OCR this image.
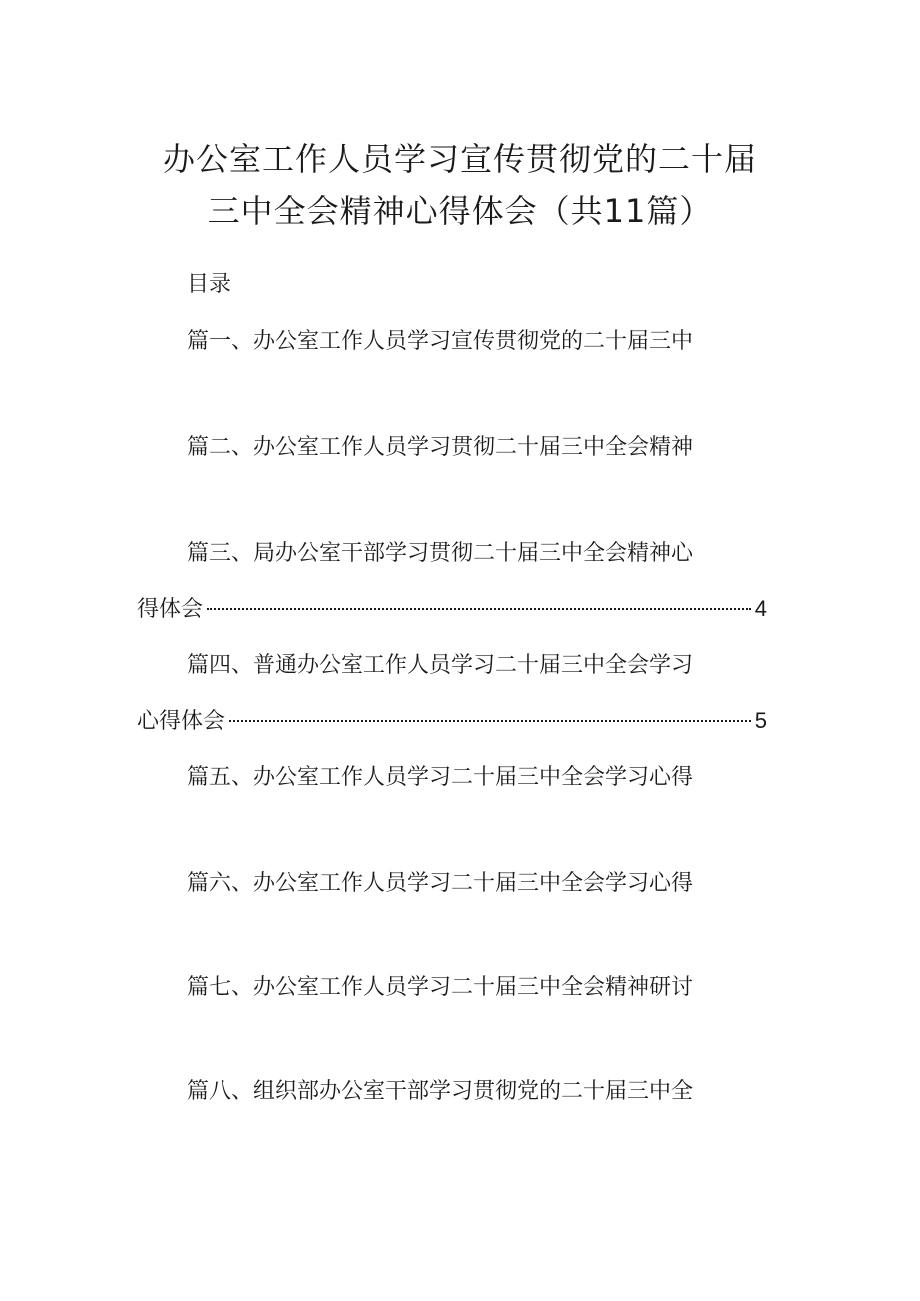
办公室工作人员学习宣传贯彻党的二十届
三中全会精神心得体会（共11篇）
目录
篇一、办公室工作人员学习宣传贯彻党的二十届三中
篇二、办公室工作人员学习贯彻二十届三中全会精神
篇三、局办公室干部学习贯彻二十届三中全会精神心
得体会	4
篇四、普通办公室工作人员学习二十届三中全会学习
心得体会	5
篇五、办公室工作人员学习二十届三中全会学习心得
篇六、办公室工作人员学习二十届三中全会学习心得
篇七、办公室工作人员学习二十届三中全会精神研讨
篇八、组织部办公室干部学习贯彻党的二十届三中全
